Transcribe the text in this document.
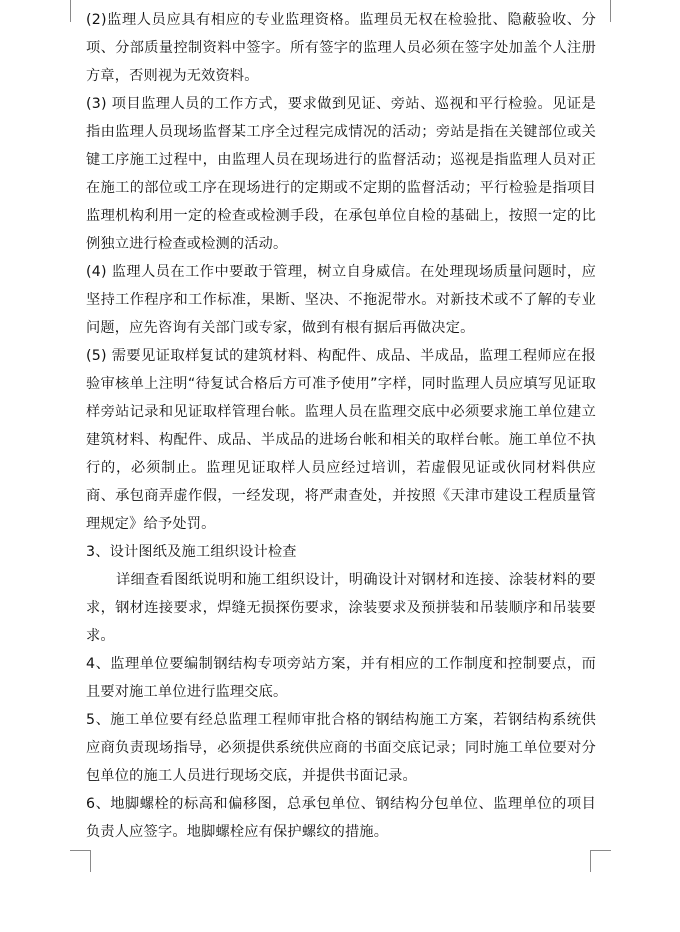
(2)监理人员应具有相应的专业监理资格。监理员无权在检验批、隐蔽验收、分项、分部质量控制资料中签字。所有签字的监理人员必须在签字处加盖个人注册方章，否则视为无效资料。

(3) 项目监理人员的工作方式，要求做到见证、旁站、巡视和平行检验。见证是指由监理人员现场监督某工序全过程完成情况的活动；旁站是指在关键部位或关键工序施工过程中，由监理人员在现场进行的监督活动；巡视是指监理人员对正在施工的部位或工序在现场进行的定期或不定期的监督活动；平行检验是指项目监理机构利用一定的检查或检测手段，在承包单位自检的基础上，按照一定的比例独立进行检查或检测的活动。

(4) 监理人员在工作中要敢于管理，树立自身威信。在处理现场质量问题时，应坚持工作程序和工作标准，果断、坚决、不拖泥带水。对新技术或不了解的专业问题，应先咨询有关部门或专家，做到有根有据后再做决定。

(5) 需要见证取样复试的建筑材料、构配件、成品、半成品，监理工程师应在报验审核单上注明“待复试合格后方可准予使用”字样，同时监理人员应填写见证取样旁站记录和见证取样管理台帐。监理人员在监理交底中必须要求施工单位建立建筑材料、构配件、成品、半成品的进场台帐和相关的取样台帐。施工单位不执行的，必须制止。监理见证取样人员应经过培训，若虚假见证或伙同材料供应商、承包商弄虚作假，一经发现，将严肃查处，并按照《天津市建设工程质量管理规定》给予处罚。

3、设计图纸及施工组织设计检查

详细查看图纸说明和施工组织设计，明确设计对钢材和连接、涂装材料的要求，钢材连接要求，焊缝无损探伤要求，涂装要求及预拼装和吊装顺序和吊装要求。

4、监理单位要编制钢结构专项旁站方案，并有相应的工作制度和控制要点，而且要对施工单位进行监理交底。

5、施工单位要有经总监理工程师审批合格的钢结构施工方案，若钢结构系统供应商负责现场指导，必须提供系统供应商的书面交底记录；同时施工单位要对分包单位的施工人员进行现场交底，并提供书面记录。

6、地脚螺栓的标高和偏移图，总承包单位、钢结构分包单位、监理单位的项目负责人应签字。地脚螺栓应有保护螺纹的措施。
